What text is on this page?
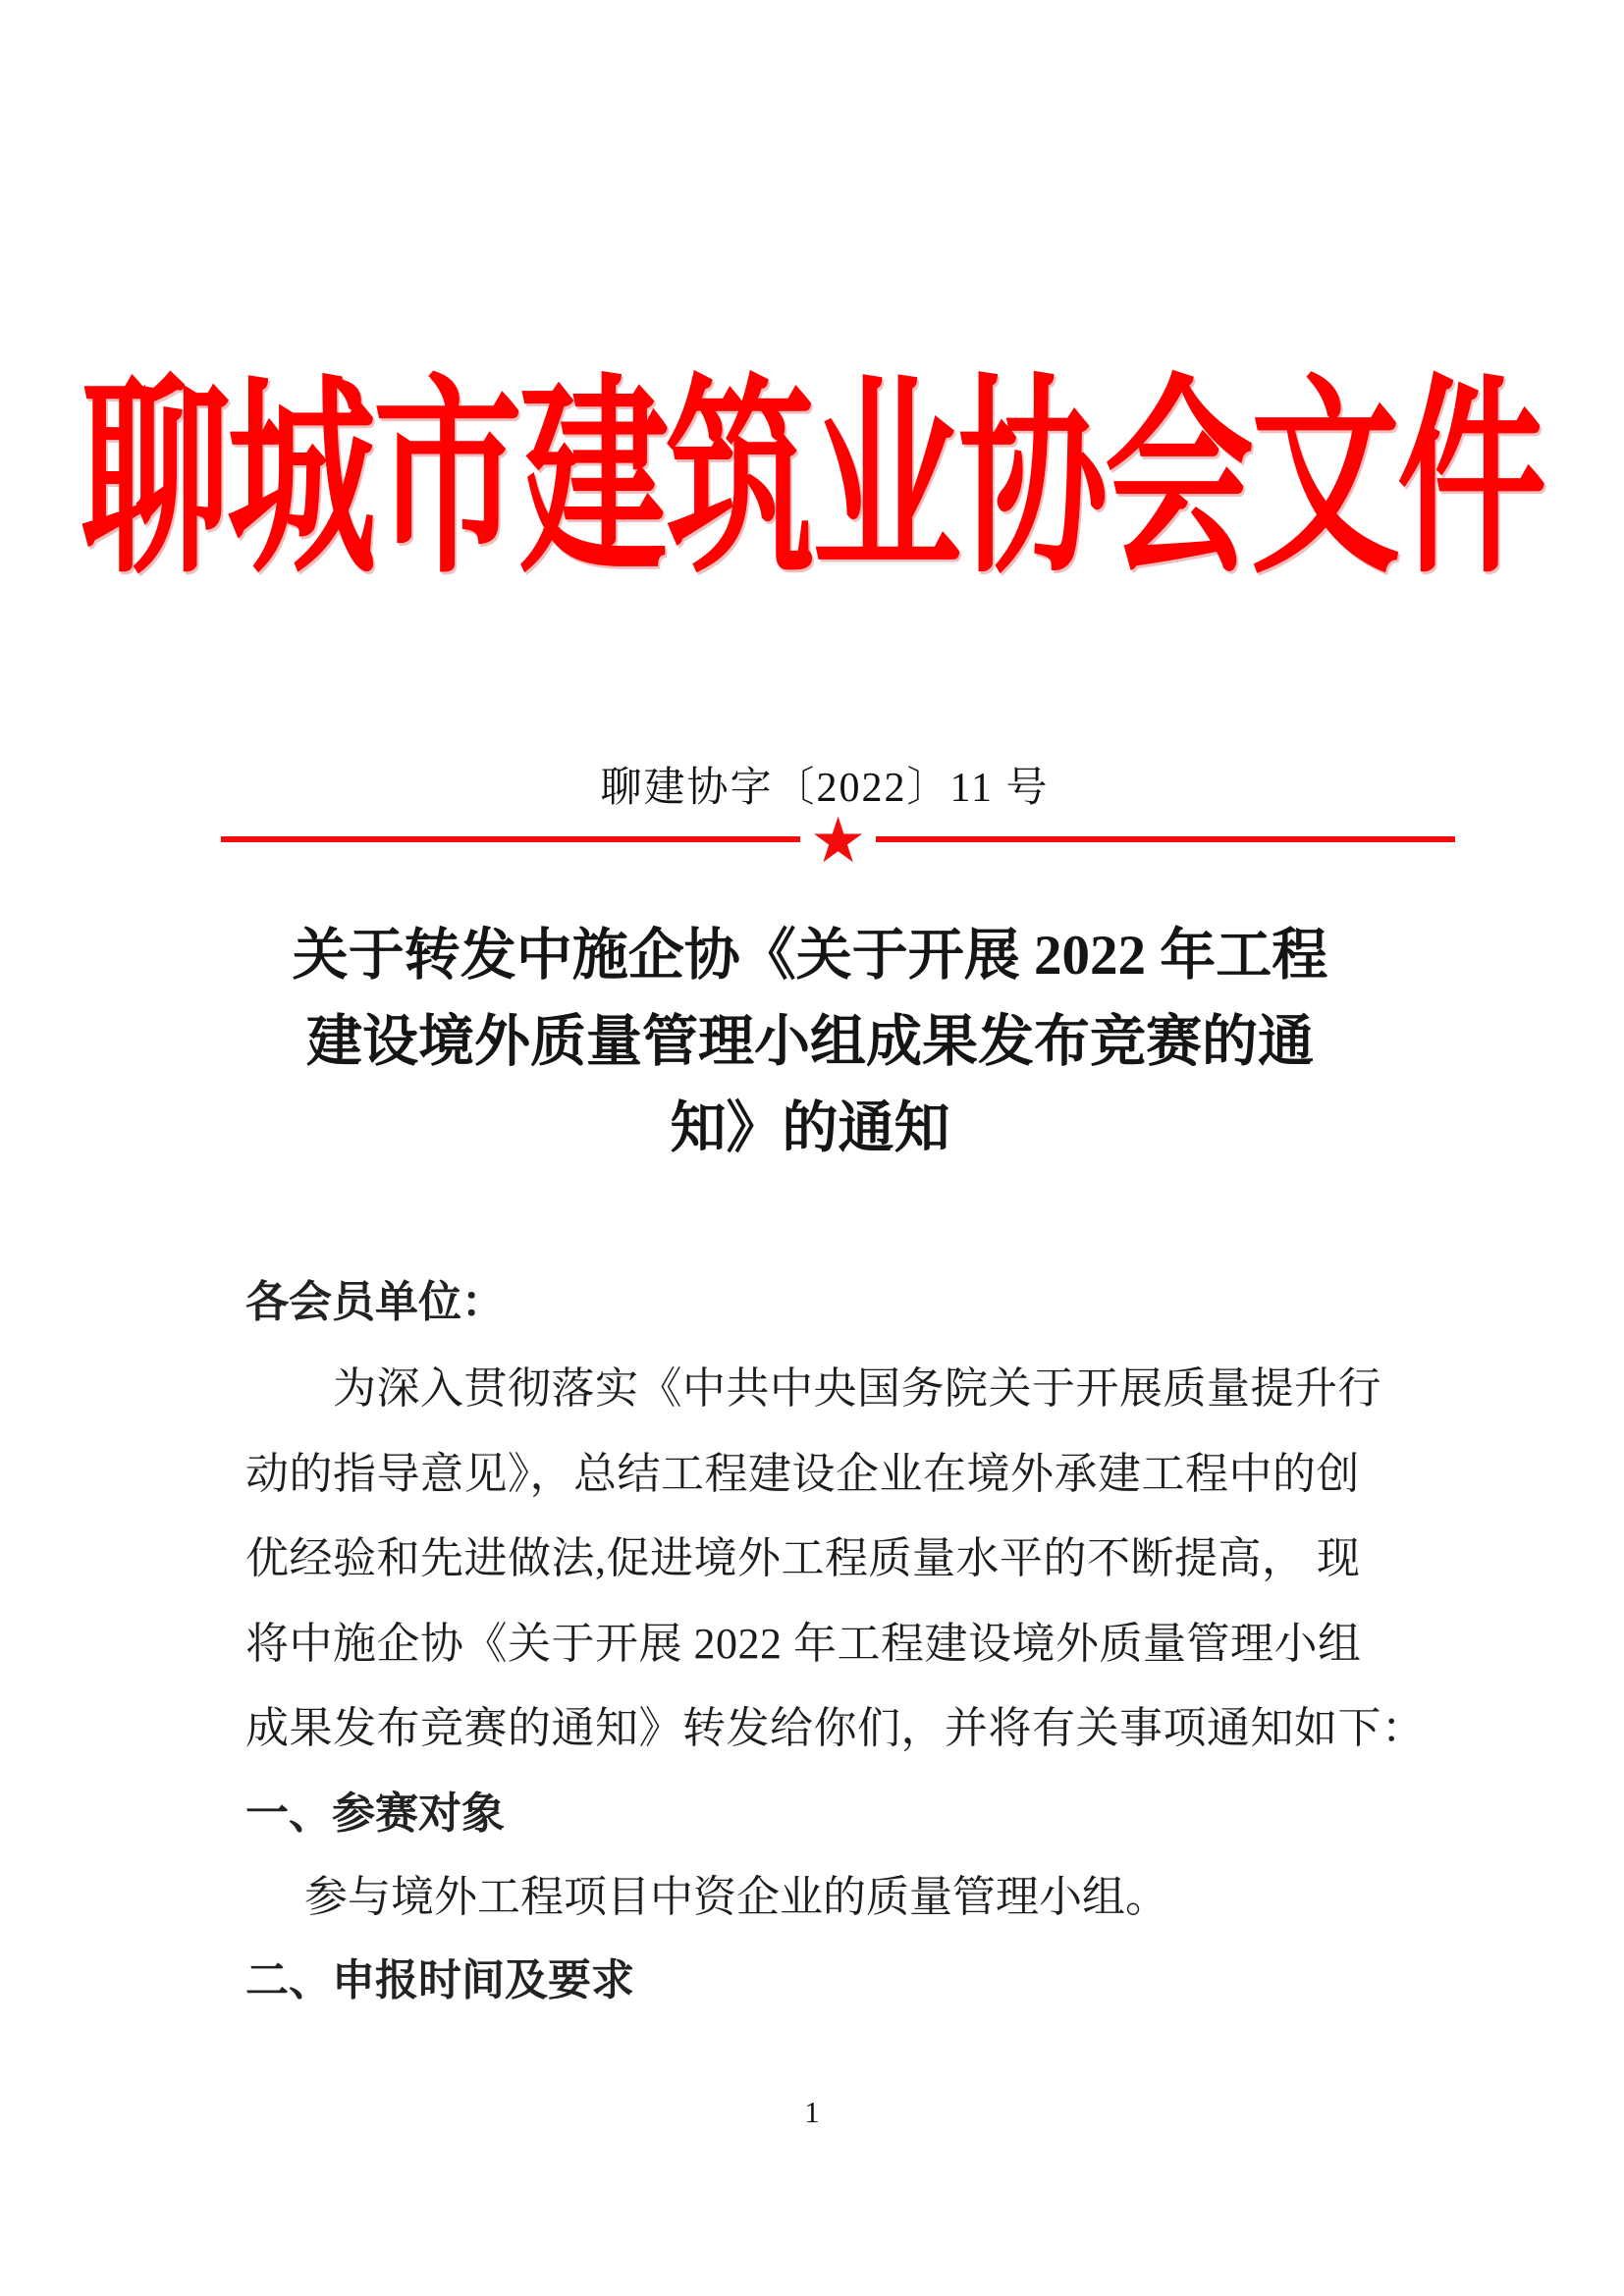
聊城市建筑业协会文件
聊建协字〔2022〕11 号
★
关于转发中施企协《关于开展 2022 年工程
建设境外质量管理小组成果发布竞赛的通
知》的通知
各会员单位：
为深入贯彻落实《中共中央国务院关于开展质量提升行
动的指导意见》，总结工程建设企业在境外承建工程中的创
优经验和先进做法,促进境外工程质量水平的不断提高， 现
将中施企协《关于开展 2022 年工程建设境外质量管理小组
成果发布竞赛的通知》转发给你们，并将有关事项通知如下：
一、参赛对象
参与境外工程项目中资企业的质量管理小组。
二、申报时间及要求
1
